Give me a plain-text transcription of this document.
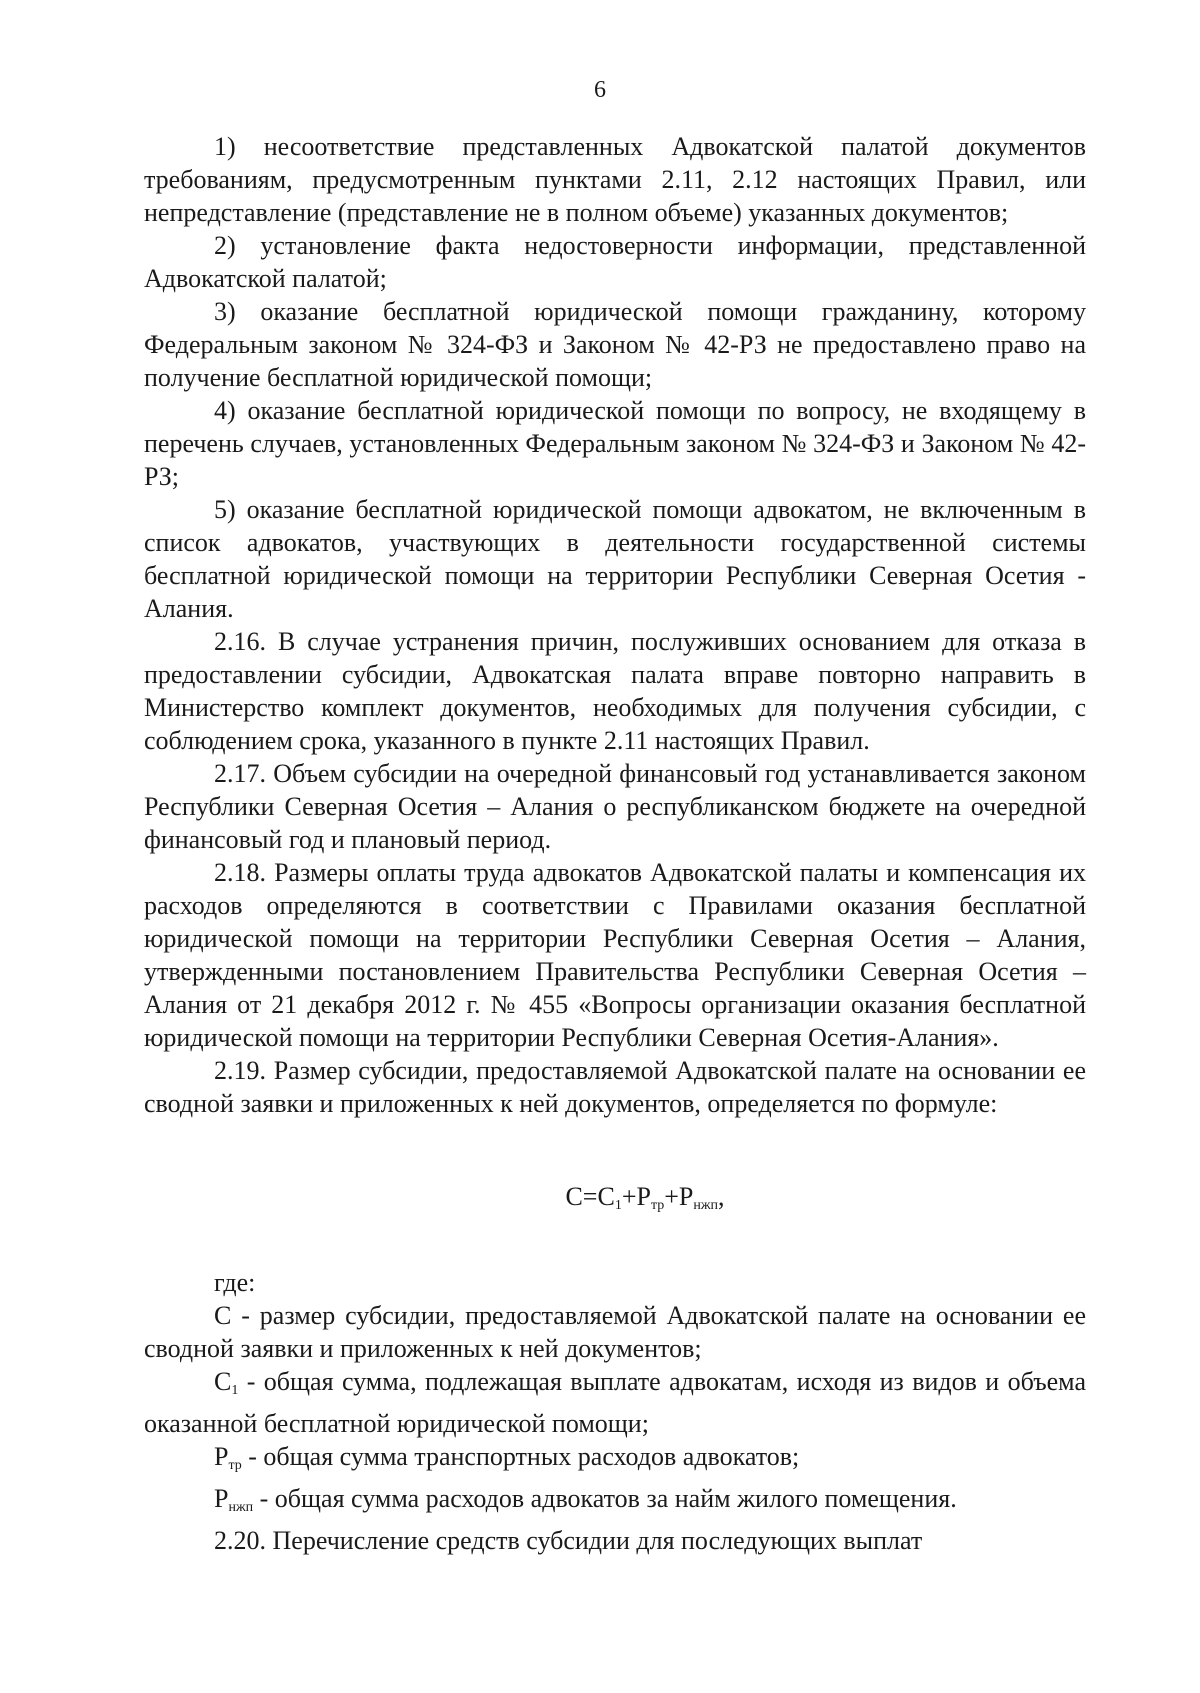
6

1) несоответствие представленных Адвокатской палатой документов требованиям, предусмотренным пунктами 2.11, 2.12 настоящих Правил, или непредставление (представление не в полном объеме) указанных документов;

2) установление факта недостоверности информации, представленной Адвокатской палатой;

3) оказание бесплатной юридической помощи гражданину, которому Федеральным законом № 324-ФЗ и Законом № 42-РЗ не предоставлено право на получение бесплатной юридической помощи;

4) оказание бесплатной юридической помощи по вопросу, не входящему в перечень случаев, установленных Федеральным законом № 324-ФЗ и Законом № 42-РЗ;

5) оказание бесплатной юридической помощи адвокатом, не включенным в список адвокатов, участвующих в деятельности государственной системы бесплатной юридической помощи на территории Республики Северная Осетия - Алания.

2.16. В случае устранения причин, послуживших основанием для отказа в предоставлении субсидии, Адвокатская палата вправе повторно направить в Министерство комплект документов, необходимых для получения субсидии, с соблюдением срока, указанного в пункте 2.11 настоящих Правил.

2.17. Объем субсидии на очередной финансовый год устанавливается законом Республики Северная Осетия – Алания о республиканском бюджете на очередной финансовый год и плановый период.

2.18. Размеры оплаты труда адвокатов Адвокатской палаты и компенсация их расходов определяются в соответствии с Правилами оказания бесплатной юридической помощи на территории Республики Северная Осетия – Алания, утвержденными постановлением Правительства Республики Северная Осетия – Алания от 21 декабря 2012 г. № 455 «Вопросы организации оказания бесплатной юридической помощи на территории Республики Северная Осетия-Алания».

2.19. Размер субсидии, предоставляемой Адвокатской палате на основании ее сводной заявки и приложенных к ней документов, определяется по формуле:

$С=С_1+Р_{тр}+Р_{нжп}$,

где:

С - размер субсидии, предоставляемой Адвокатской палате на основании ее сводной заявки и приложенных к ней документов;

$С_1$ - общая сумма, подлежащая выплате адвокатам, исходя из видов и объема оказанной бесплатной юридической помощи;

$Р_{тр}$ - общая сумма транспортных расходов адвокатов;

$Р_{нжп}$ - общая сумма расходов адвокатов за найм жилого помещения.

2.20. Перечисление средств субсидии для последующих выплат
